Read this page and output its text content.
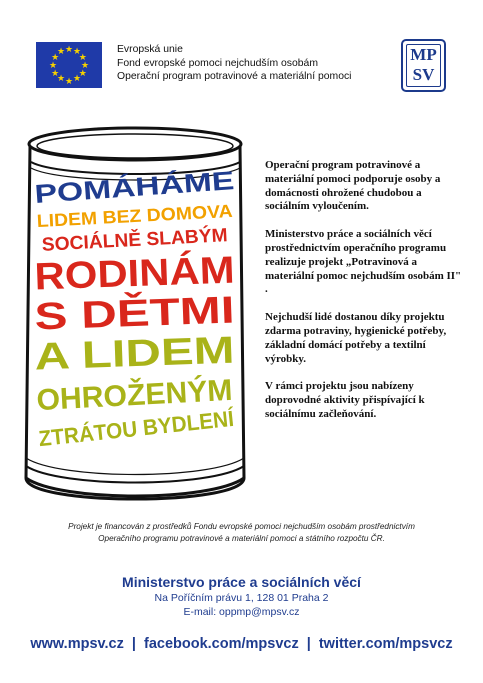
★ ★
★
★
★
★
★
★
★
★
★
★	Evropská unie
Fond evropské pomoci nejchudším osobám
Operační program potravinové a materiální pomoci
MP
SV
POMÁHÁME
LIDEM BEZ DOMOVA
SOCIÁLNĚ SLABÝM
RODINÁM
S DĚTMI
A LIDEM
OHROŽENÝM
ZTRÁTOU BYDLENÍ

Operační program potravinové a materiální pomoci podporuje osoby a domácnosti ohrožené chudobou a sociálním vyloučením.

Ministerstvo práce a sociálních věcí prostřednictvím operačního programu realizuje projekt „Potravinová a materiální pomoc nejchudším osobám II" .

Nejchudší lidé dostanou díky projektu zdarma potraviny, hygienické potřeby, základní domácí potřeby a textilní výrobky.

V rámci projektu jsou nabízeny doprovodné aktivity přispívající k sociálnímu začleňování.

Projekt je financován z prostředků Fondu evropské pomoci nejchudším osobám prostřednictvím
Operačního programu potravinové a materiální pomoci a státního rozpočtu ČR.
Ministerstvo práce a sociálních věcí
Na Poříčním právu 1, 128 01 Praha 2
E-mail: oppmp@mpsv.cz
www.mpsv.cz | facebook.com/mpsvcz | twitter.com/mpsvcz
